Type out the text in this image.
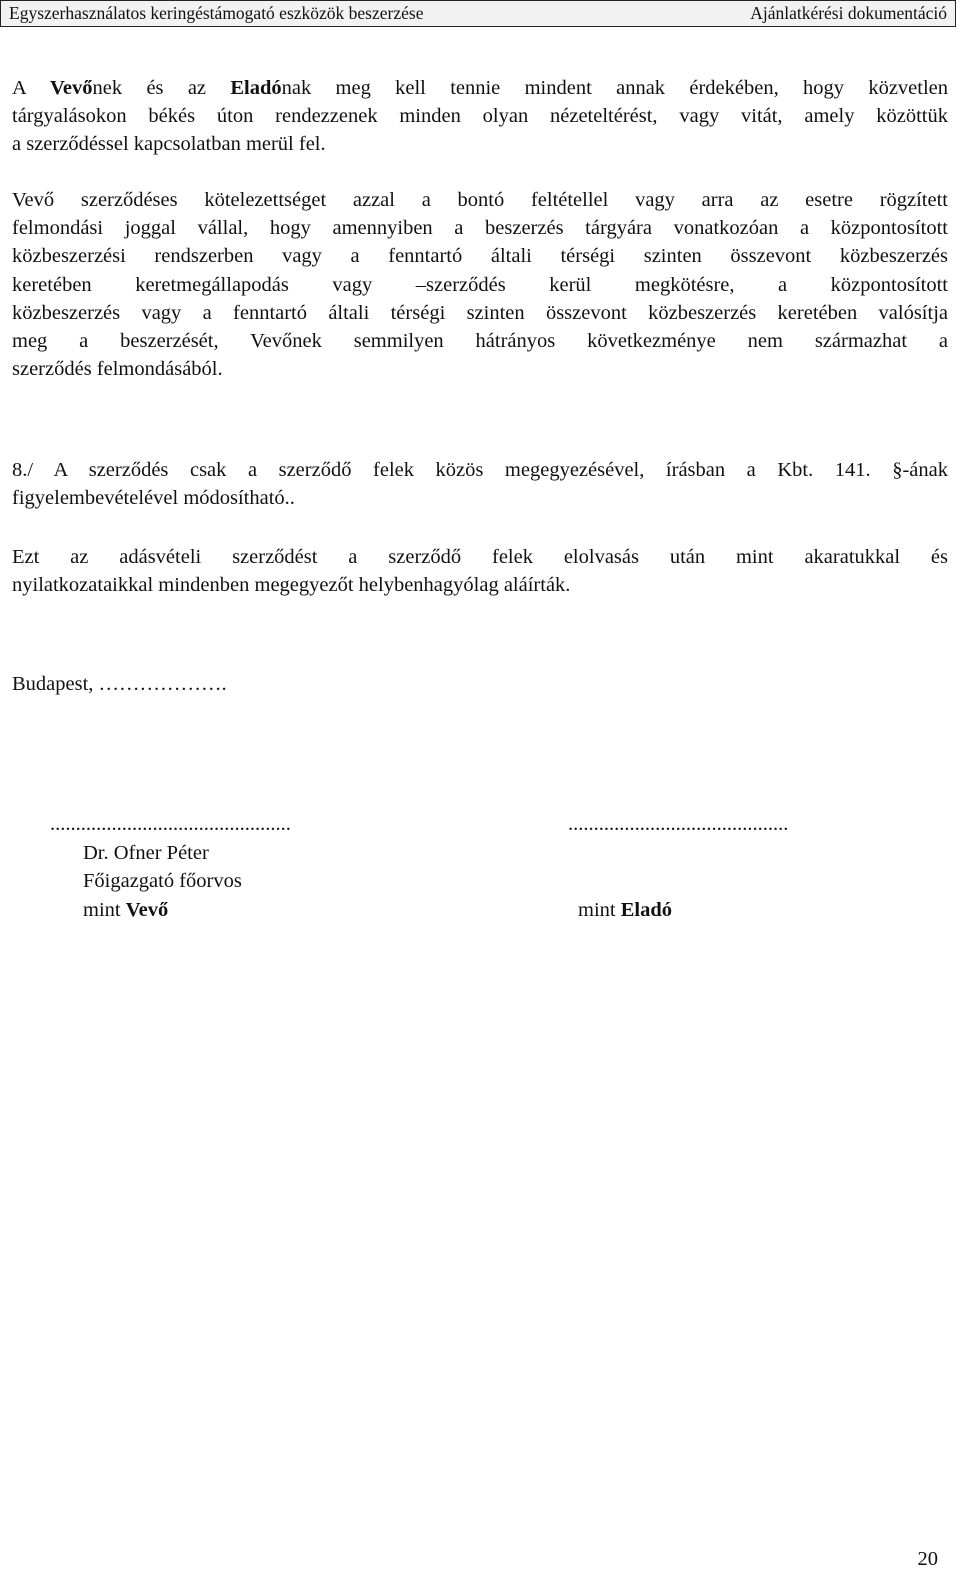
Egyszerhasználatos keringéstámogató eszközök beszerzése	Ajánlatkérési dokumentáció
A Vevőnek és az Eladónak meg kell tennie mindent annak érdekében, hogy közvetlen
tárgyalásokon békés úton rendezzenek minden olyan nézeteltérést, vagy vitát, amely közöttük
a szerződéssel kapcsolatban merül fel.
Vevő szerződéses kötelezettséget azzal a bontó feltétellel vagy arra az esetre rögzített
felmondási joggal vállal, hogy amennyiben a beszerzés tárgyára vonatkozóan a központosított
közbeszerzési rendszerben vagy a fenntartó általi térségi szinten összevont közbeszerzés
keretében keretmegállapodás vagy –szerződés kerül megkötésre, a központosított
közbeszerzés vagy a fenntartó általi térségi szinten összevont közbeszerzés keretében valósítja
meg a beszerzését, Vevőnek semmilyen hátrányos következménye nem származhat a
szerződés felmondásából.
8./ A szerződés csak a szerződő felek közös megegyezésével, írásban a Kbt. 141. §-ának
figyelembevételével módosítható..
Ezt az adásvételi szerződést a szerződő felek elolvasás után mint akaratukkal és
nyilatkozataikkal mindenben megegyezőt helybenhagyólag aláírták.
Budapest, ……………….
...............................................
Dr. Ofner Péter
Főigazgató főorvos
mint Vevő
...........................................

mint Eladó
20
